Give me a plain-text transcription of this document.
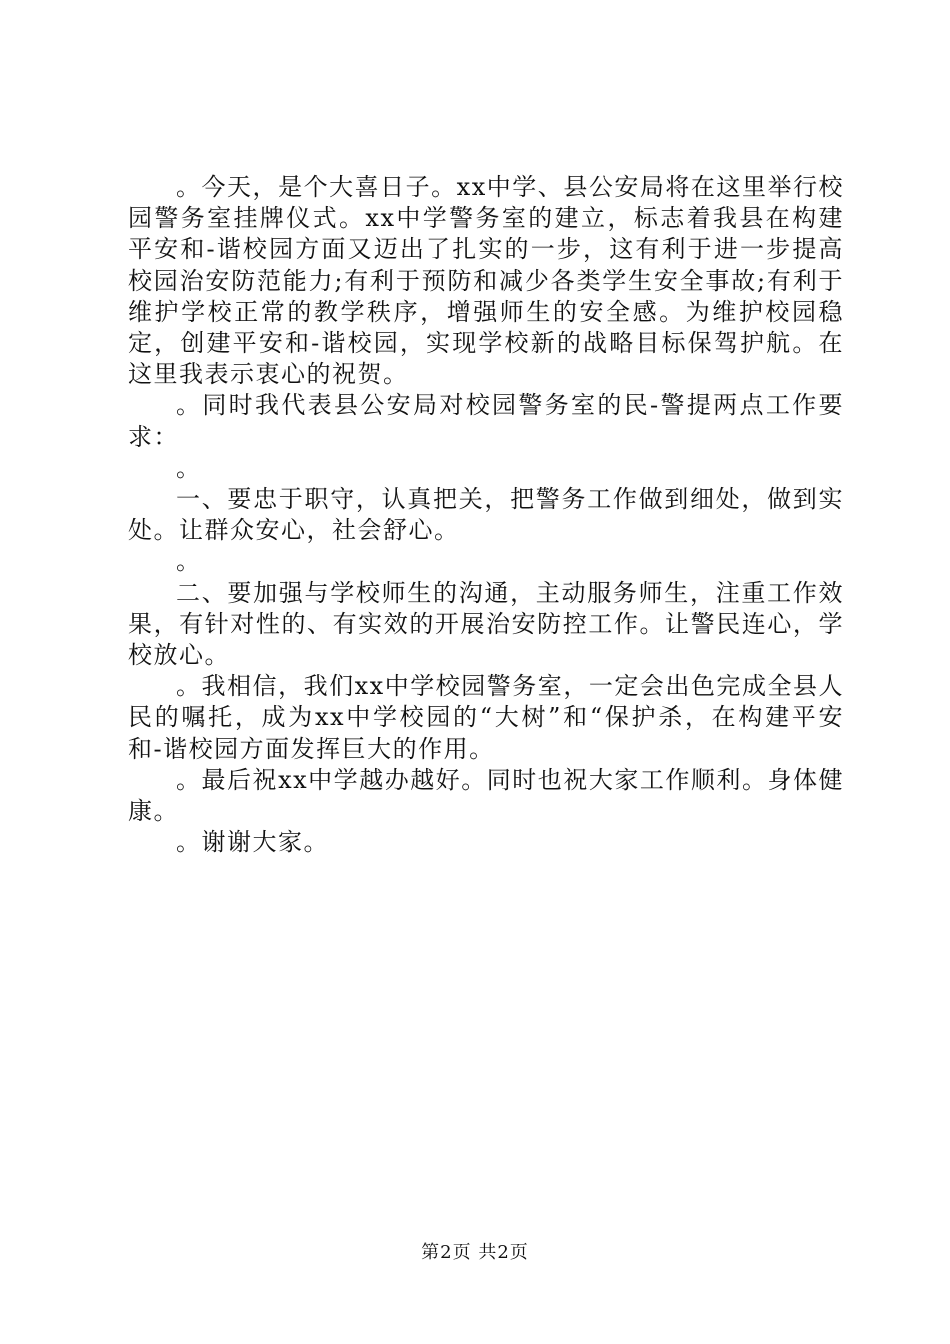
。今天，是个大喜日子。xx中学、县公安局将在这里举行校园警务室挂牌仪式。xx中学警务室的建立，标志着我县在构建平安和-谐校园方面又迈出了扎实的一步，这有利于进一步提高校园治安防范能力;有利于预防和减少各类学生安全事故;有利于维护学校正常的教学秩序，增强师生的安全感。为维护校园稳定，创建平安和-谐校园，实现学校新的战略目标保驾护航。在这里我表示衷心的祝贺。

。同时我代表县公安局对校园警务室的民-警提两点工作要求：

。

一、要忠于职守，认真把关，把警务工作做到细处，做到实处。让群众安心，社会舒心。

。

二、要加强与学校师生的沟通，主动服务师生，注重工作效果，有针对性的、有实效的开展治安防控工作。让警民连心，学校放心。

。我相信，我们xx中学校园警务室，一定会出色完成全县人民的嘱托，成为xx中学校园的“大树”和“保护杀，在构建平安和-谐校园方面发挥巨大的作用。

。最后祝xx中学越办越好。同时也祝大家工作顺利。身体健康。

。谢谢大家。

第2页 共2页
